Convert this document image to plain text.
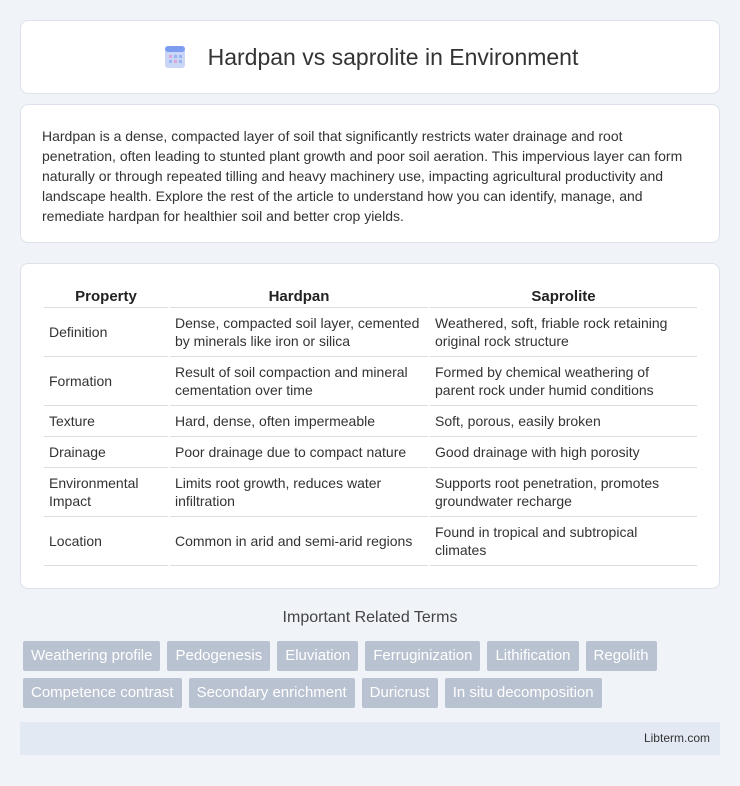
Hardpan vs saprolite in Environment

Hardpan is a dense, compacted layer of soil that significantly restricts water drainage and root penetration, often leading to stunted plant growth and poor soil aeration. This impervious layer can form naturally or through repeated tilling and heavy machinery use, impacting agricultural productivity and landscape health. Explore the rest of the article to understand how you can identify, manage, and remediate hardpan for healthier soil and better crop yields.

Property	Hardpan	Saprolite
Definition	Dense, compacted soil layer, cemented by minerals like iron or silica	Weathered, soft, friable rock retaining original rock structure
Formation	Result of soil compaction and mineral cementation over time	Formed by chemical weathering of parent rock under humid conditions
Texture	Hard, dense, often impermeable	Soft, porous, easily broken
Drainage	Poor drainage due to compact nature	Good drainage with high porosity
Environmental Impact	Limits root growth, reduces water infiltration	Supports root penetration, promotes groundwater recharge
Location	Common in arid and semi-arid regions	Found in tropical and subtropical climates
Important Related Terms
Weathering profile	Pedogenesis	Eluviation	Ferruginization	Lithification	Regolith
Competence contrast	Secondary enrichment	Duricrust	In situ decomposition
Libterm.com
